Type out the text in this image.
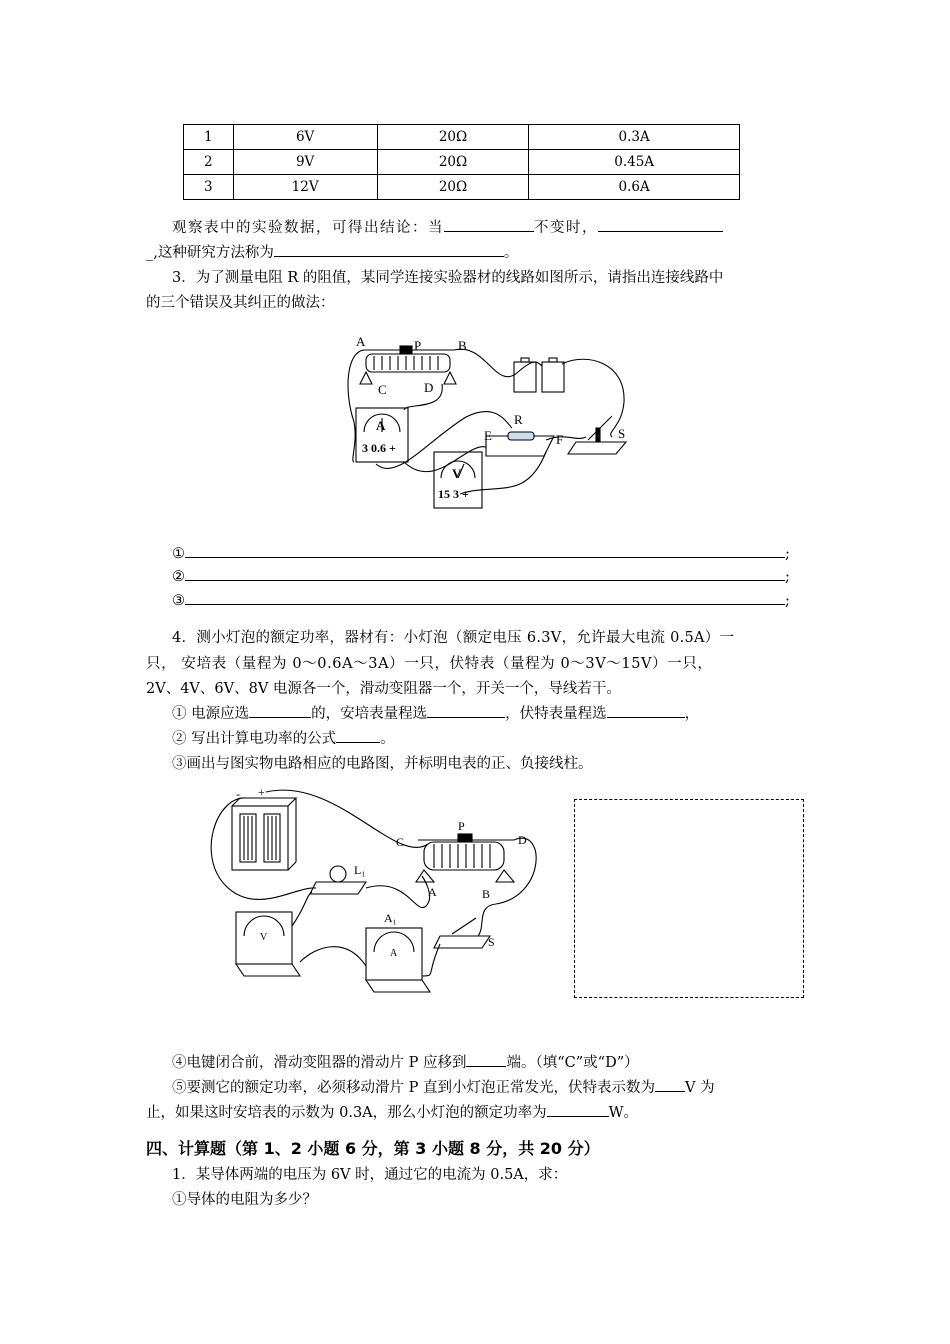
1	6V	20Ω	0.3A
2	9V	20Ω	0.45A
3	12V	20Ω	0.6A
观察表中的实验数据，可得出结论：当	不变时，
_,这种研究方法称为	。
3．为了测量电阻 R 的阻值，某同学连接实验器材的线路如图所示，请指出连接线路中
的三个错误及其纠正的做法：
A	P	B
C	D
R
E	F	S
A
3 0.6 +
V
15 3 +
①	;
②	;
③	;
4．测小灯泡的额定功率，器材有：小灯泡（额定电压 6.3V，允许最大电流 0.5A）一
只， 安培表（量程为 0～0.6A～3A）一只，伏特表（量程为 0～3V～15V）一只，
2V、4V、6V、8V 电源各一个，滑动变阻器一个，开关一个，导线若干。
① 电源应选	的，安培表量程选	，伏特表量程选	，
② 写出计算电功率的公式	。
③画出与图实物电路相应的电路图，并标明电表的正、负接线柱。
- +
P
C	D
A	B
L₁
A₁
S
V
A
④电键闭合前，滑动变阻器的滑动片 P 应移到	端。（填“C”或“D”）
⑤要测它的额定功率，必须移动滑片 P 直到小灯泡正常发光，伏特表示数为 V 为
止，如果这时安培表的示数为 0.3A，那么小灯泡的额定功率为	W。
四、计算题（第 1、2 小题 6 分，第 3 小题 8 分，共 20 分）
1．某导体两端的电压为 6V 时，通过它的电流为 0.5A，求：
①导体的电阻为多少？
